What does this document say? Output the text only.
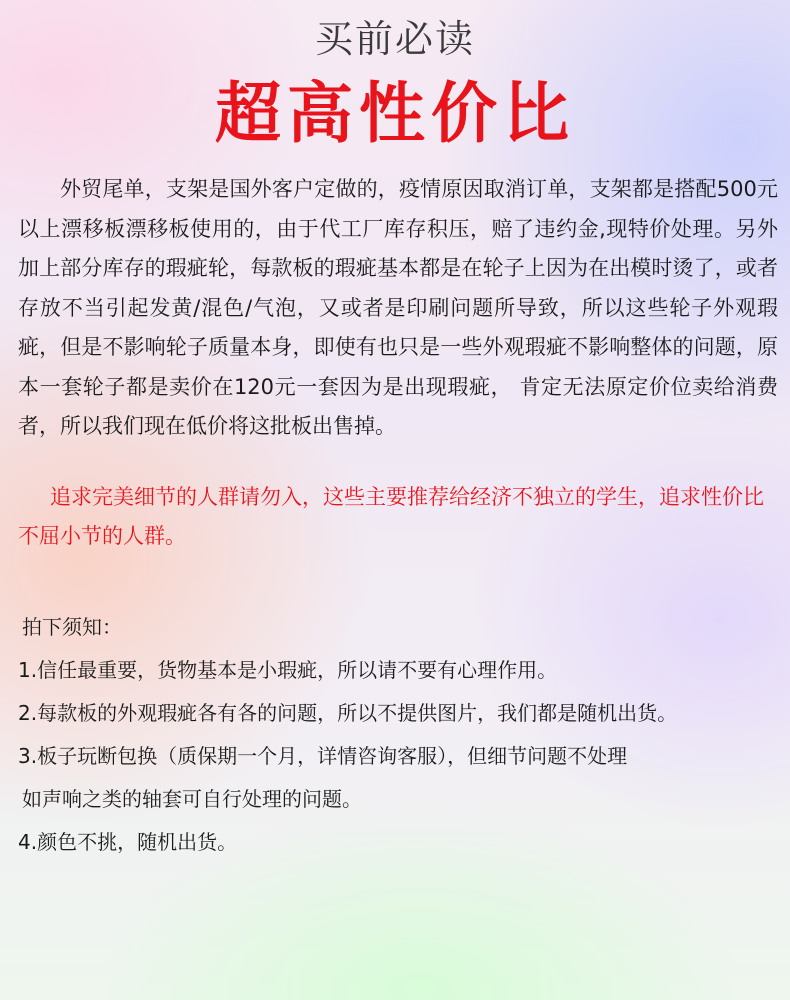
买前必读
超高性价比

外贸尾单，支架是国外客户定做的，疫情原因取消订单，支架都是搭配500元以上漂移板漂移板使用的，由于代工厂库存积压，赔了违约金,现特价处理。另外加上部分库存的瑕疵轮，每款板的瑕疵基本都是在轮子上因为在出模时烫了，或者存放不当引起发黄/混色/气泡，又或者是印刷问题所导致，所以这些轮子外观瑕疵，但是不影响轮子质量本身，即使有也只是一些外观瑕疵不影响整体的问题，原本一套轮子都是卖价在120元一套因为是出现瑕疵， 肯定无法原定价位卖给消费者，所以我们现在低价将这批板出售掉。

追求完美细节的人群请勿入，这些主要推荐给经济不独立的学生，追求性价比不屈小节的人群。

拍下须知：
1.信任最重要，货物基本是小瑕疵，所以请不要有心理作用。
2.每款板的外观瑕疵各有各的问题，所以不提供图片，我们都是随机出货。
3.板子玩断包换（质保期一个月，详情咨询客服），但细节问题不处理
如声响之类的轴套可自行处理的问题。
4.颜色不挑，随机出货。
